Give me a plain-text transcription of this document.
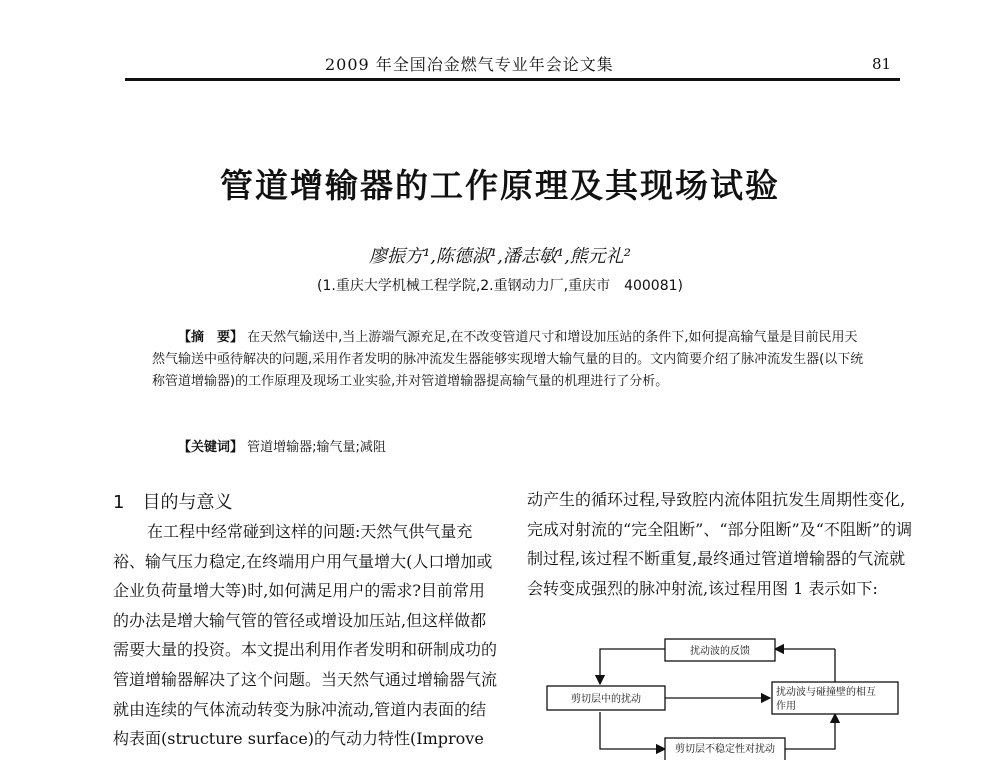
2009 年全国冶金燃气专业年会论文集	81
管道增输器的工作原理及其现场试验
廖振方¹,陈德淑¹,潘志敏¹,熊元礼²
(1.重庆大学机械工程学院,2.重钢动力厂,重庆市　400081)

【摘　要】 在天然气输送中,当上游端气源充足,在不改变管道尺寸和增设加压站的条件下,如何提高输气量是目前民用天然气输送中亟待解决的问题,采用作者发明的脉冲流发生器能够实现增大输气量的目的。文内简要介绍了脉冲流发生器(以下统称管道增输器)的工作原理及现场工业实验,并对管道增输器提高输气量的机理进行了分析。

【关键词】 管道增输器;输气量;减阻
1　目的与意义

在工程中经常碰到这样的问题:天然气供气量充裕、输气压力稳定,在终端用户用气量增大(人口增加或企业负荷量增大等)时,如何满足用户的需求?目前常用的办法是增大输气管的管径或增设加压站,但这样做都需要大量的投资。本文提出利用作者发明和研制成功的管道增输器解决了这个问题。当天然气通过增输器气流就由连续的气体流动转变为脉冲流动,管道内表面的结构表面(structure surface)的气动力特性(Improve

动产生的循环过程,导致腔内流体阻抗发生周期性变化,完成对射流的“完全阻断”、“部分阻断”及“不阻断”的调制过程,该过程不断重复,最终通过管道增输器的气流就会转变成强烈的脉冲射流,该过程用图 1 表示如下:

扰动波的反馈
剪切层中的扰动
扰动波与碰撞壁的相互
作用
剪切层不稳定性对扰动
